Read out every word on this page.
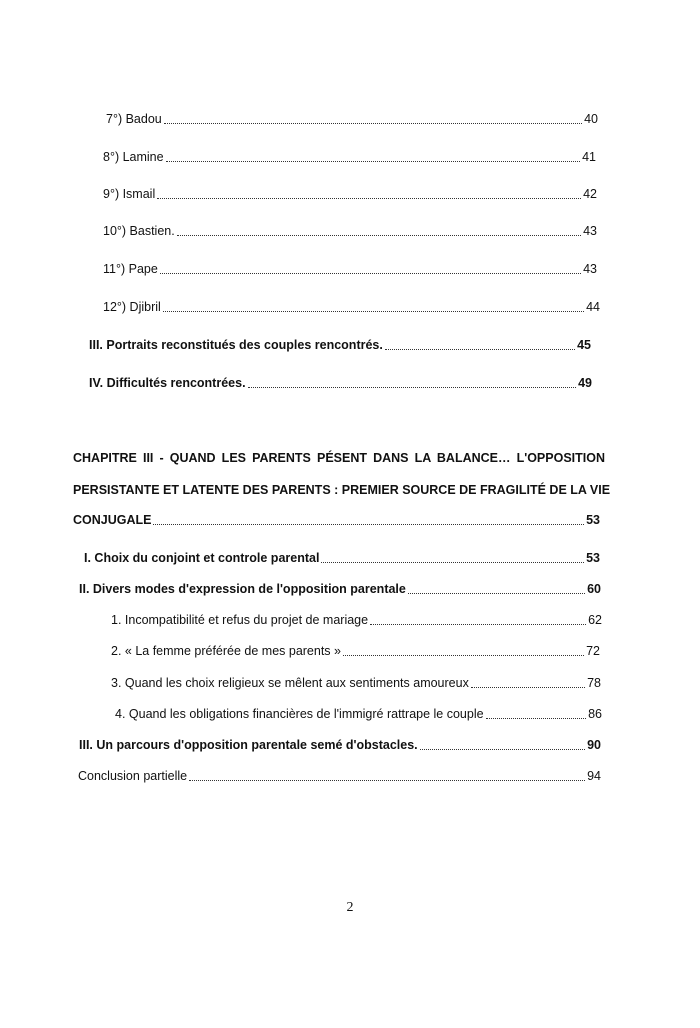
7°) Badou	40
8°) Lamine	41
9°) Ismail	42
10°) Bastien.	43
11°) Pape	43
12°) Djibril	44
III. Portraits reconstitués des couples rencontrés.	45
IV. Difficultés rencontrées.	49
CHAPITRE III - QUAND LES PARENTS PÉSENT DANS LA BALANCE… L'OPPOSITION
PERSISTANTE ET LATENTE DES PARENTS : PREMIER SOURCE DE FRAGILITÉ DE LA VIE
CONJUGALE	53
I. Choix du conjoint et controle parental	53
II. Divers modes d'expression de l'opposition parentale	60
1. Incompatibilité et refus du projet de mariage	62
2. « La femme préférée de mes parents »	72
3. Quand les choix religieux se mêlent aux sentiments amoureux	78
4. Quand les obligations financières de l'immigré rattrape le couple	86
III. Un parcours d'opposition parentale semé d'obstacles.	90
Conclusion partielle	94
2
